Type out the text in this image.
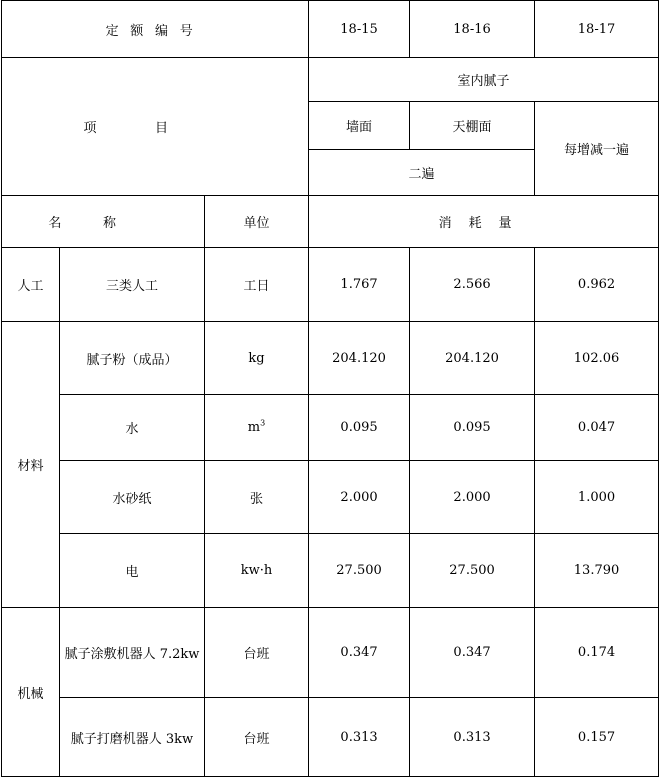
定额编号			18-15	18-16	18-17
项目			室内腻子		
			墙面	天棚面	每增减一遍
			二遍		
名称		单位	消耗量		
人工	三类人工	工日	1.767	2.566	0.962
材料	腻子粉（成品）	kg	204.120	204.120	102.06
	水	$m^3$	0.095	0.095	0.047
	水砂纸	张	2.000	2.000	1.000
	电	kw·h	27.500	27.500	13.790
机械	腻子涂敷机器人 7.2kw	台班	0.347	0.347	0.174
	腻子打磨机器人 3kw	台班	0.313	0.313	0.157
